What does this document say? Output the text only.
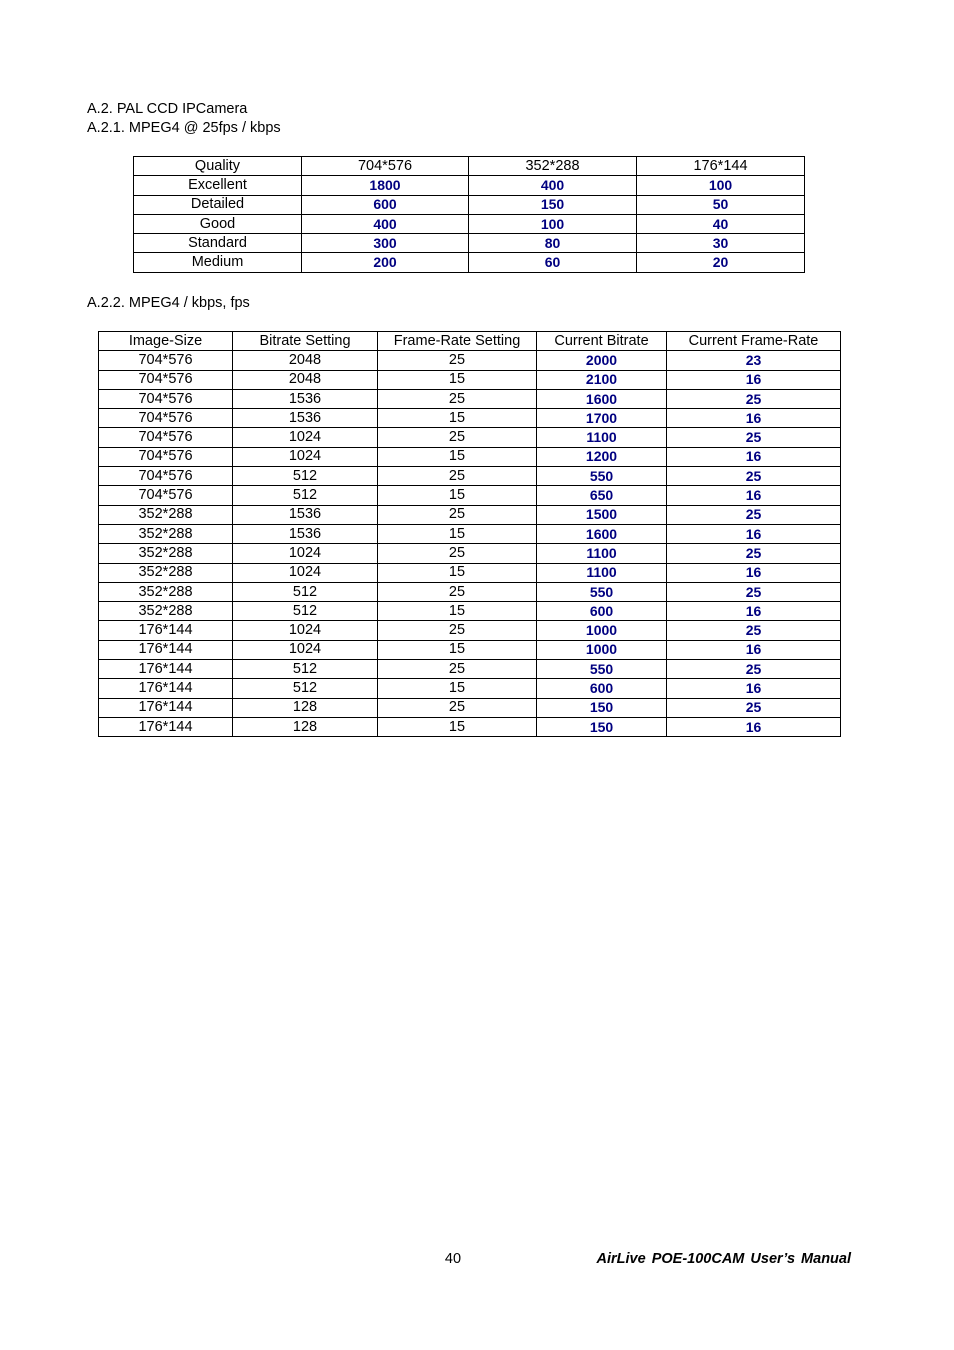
A.2. PAL CCD IPCamera
A.2.1. MPEG4 @ 25fps / kbps
Quality	704*576	352*288	176*144
Excellent	1800	400	100
Detailed	600	150	50
Good	400	100	40
Standard	300	80	30
Medium	200	60	20
A.2.2. MPEG4 / kbps, fps
Image-Size	Bitrate Setting	Frame-Rate Setting	Current Bitrate	Current Frame-Rate
704*576	2048	25	2000	23
704*576	2048	15	2100	16
704*576	1536	25	1600	25
704*576	1536	15	1700	16
704*576	1024	25	1100	25
704*576	1024	15	1200	16
704*576	512	25	550	25
704*576	512	15	650	16
352*288	1536	25	1500	25
352*288	1536	15	1600	16
352*288	1024	25	1100	25
352*288	1024	15	1100	16
352*288	512	25	550	25
352*288	512	15	600	16
176*144	1024	25	1000	25
176*144	1024	15	1000	16
176*144	512	25	550	25
176*144	512	15	600	16
176*144	128	25	150	25
176*144	128	15	150	16
40	AirLive POE-100CAM User’s Manual
